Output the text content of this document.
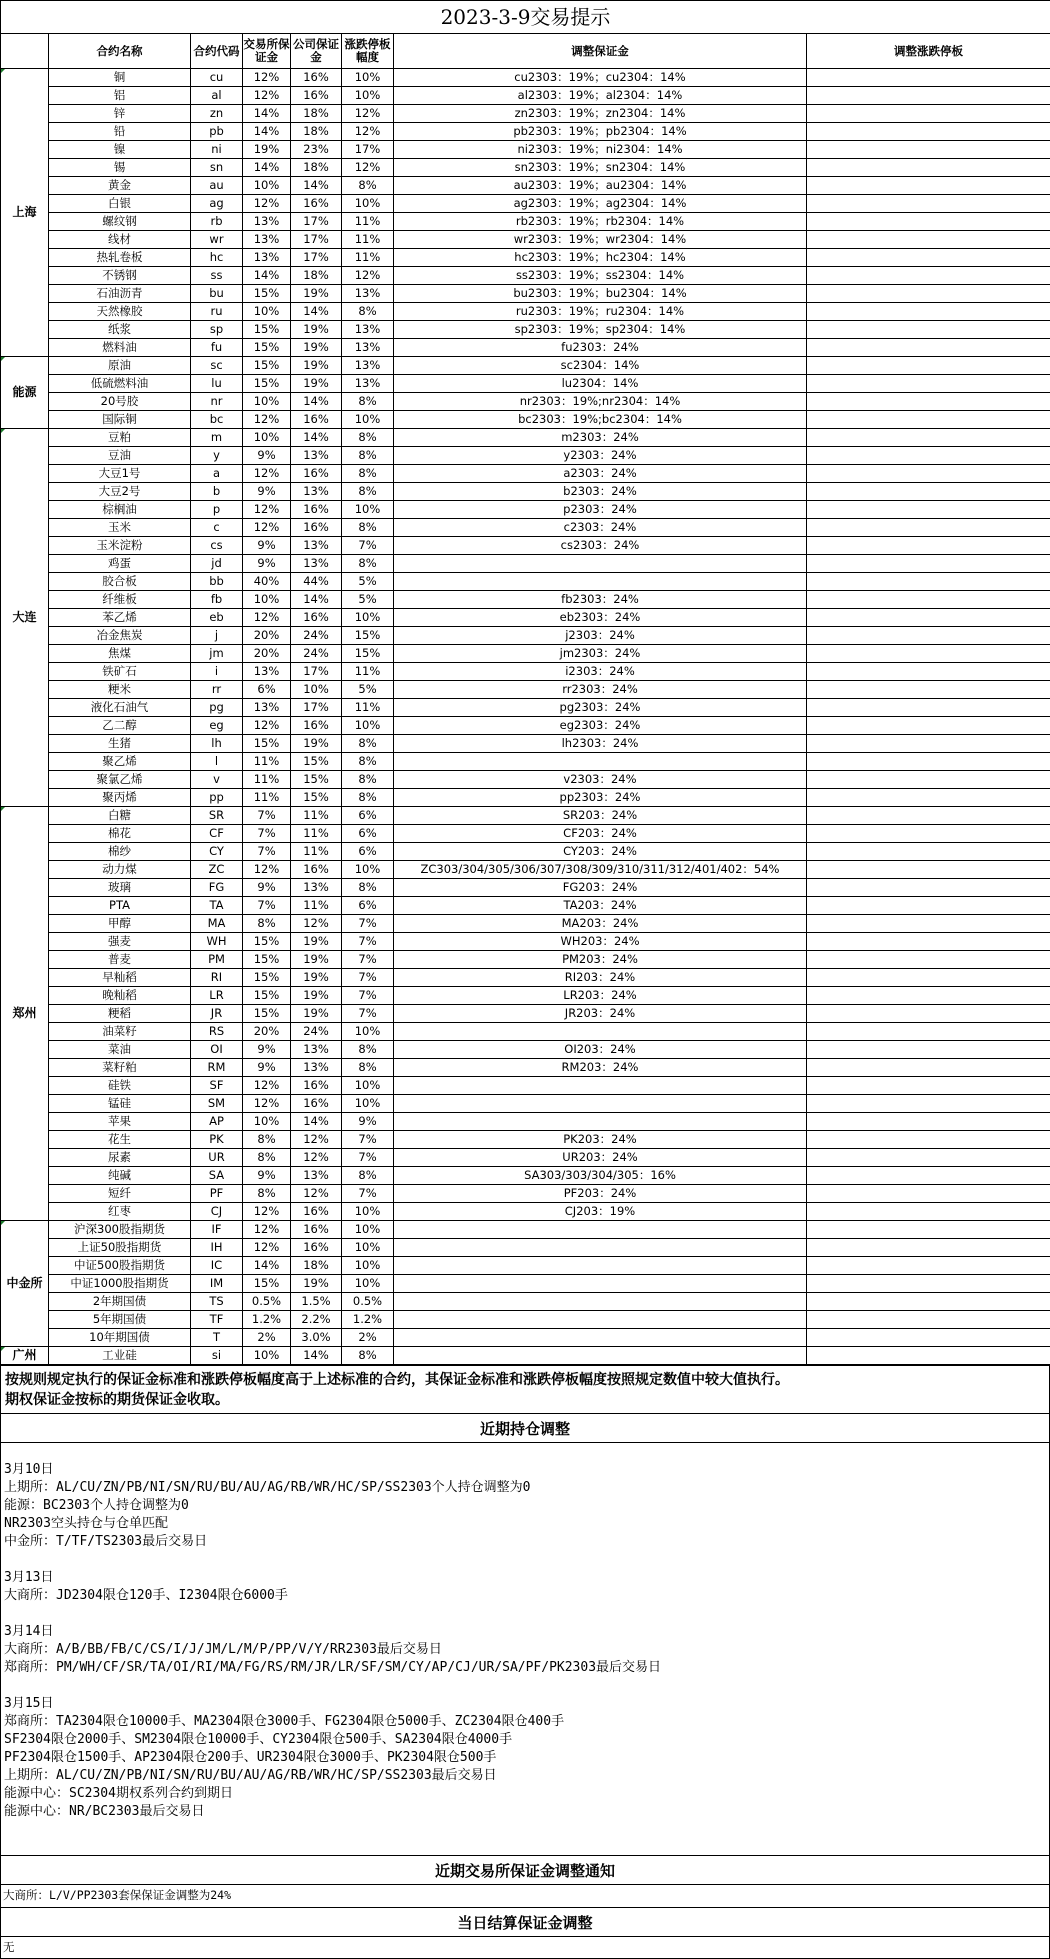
2023-3-9交易提示							
	合约名称	合约代码	交易所保证金	公司保证金	涨跌停板幅度	调整保证金	调整涨跌停板
上海	铜	cu	12%	16%	10%	cu2303：19%；cu2304：14%	
	铝	al	12%	16%	10%	al2303：19%；al2304：14%	
	锌	zn	14%	18%	12%	zn2303：19%；zn2304：14%	
	铅	pb	14%	18%	12%	pb2303：19%；pb2304：14%	
	镍	ni	19%	23%	17%	ni2303：19%；ni2304：14%	
	锡	sn	14%	18%	12%	sn2303：19%；sn2304：14%	
	黄金	au	10%	14%	8%	au2303：19%；au2304：14%	
	白银	ag	12%	16%	10%	ag2303：19%；ag2304：14%	
	螺纹钢	rb	13%	17%	11%	rb2303：19%；rb2304：14%	
	线材	wr	13%	17%	11%	wr2303：19%；wr2304：14%	
	热轧卷板	hc	13%	17%	11%	hc2303：19%；hc2304：14%	
	不锈钢	ss	14%	18%	12%	ss2303：19%；ss2304：14%	
	石油沥青	bu	15%	19%	13%	bu2303：19%；bu2304：14%	
	天然橡胶	ru	10%	14%	8%	ru2303：19%；ru2304：14%	
	纸浆	sp	15%	19%	13%	sp2303：19%；sp2304：14%	
	燃料油	fu	15%	19%	13%	fu2303：24%	
能源	原油	sc	15%	19%	13%	sc2304：14%	
	低硫燃料油	lu	15%	19%	13%	lu2304：14%	
	20号胶	nr	10%	14%	8%	nr2303：19%;nr2304：14%	
	国际铜	bc	12%	16%	10%	bc2303：19%;bc2304：14%	
大连	豆粕	m	10%	14%	8%	m2303：24%	
	豆油	y	9%	13%	8%	y2303：24%	
	大豆1号	a	12%	16%	8%	a2303：24%	
	大豆2号	b	9%	13%	8%	b2303：24%	
	棕榈油	p	12%	16%	10%	p2303：24%	
	玉米	c	12%	16%	8%	c2303：24%	
	玉米淀粉	cs	9%	13%	7%	cs2303：24%	
	鸡蛋	jd	9%	13%	8%		
	胶合板	bb	40%	44%	5%		
	纤维板	fb	10%	14%	5%	fb2303：24%	
	苯乙烯	eb	12%	16%	10%	eb2303：24%	
	冶金焦炭	j	20%	24%	15%	j2303：24%	
	焦煤	jm	20%	24%	15%	jm2303：24%	
	铁矿石	i	13%	17%	11%	i2303：24%	
	粳米	rr	6%	10%	5%	rr2303：24%	
	液化石油气	pg	13%	17%	11%	pg2303：24%	
	乙二醇	eg	12%	16%	10%	eg2303：24%	
	生猪	lh	15%	19%	8%	lh2303：24%	
	聚乙烯	l	11%	15%	8%		
	聚氯乙烯	v	11%	15%	8%	v2303：24%	
	聚丙烯	pp	11%	15%	8%	pp2303：24%	
郑州	白糖	SR	7%	11%	6%	SR203：24%	
	棉花	CF	7%	11%	6%	CF203：24%	
	棉纱	CY	7%	11%	6%	CY203：24%	
	动力煤	ZC	12%	16%	10%	ZC303/304/305/306/307/308/309/310/311/312/401/402：54%	
	玻璃	FG	9%	13%	8%	FG203：24%	
	PTA	TA	7%	11%	6%	TA203：24%	
	甲醇	MA	8%	12%	7%	MA203：24%	
	强麦	WH	15%	19%	7%	WH203：24%	
	普麦	PM	15%	19%	7%	PM203：24%	
	早籼稻	RI	15%	19%	7%	RI203：24%	
	晚籼稻	LR	15%	19%	7%	LR203：24%	
	粳稻	JR	15%	19%	7%	JR203：24%	
	油菜籽	RS	20%	24%	10%		
	菜油	OI	9%	13%	8%	OI203：24%	
	菜籽粕	RM	9%	13%	8%	RM203：24%	
	硅铁	SF	12%	16%	10%		
	锰硅	SM	12%	16%	10%		
	苹果	AP	10%	14%	9%		
	花生	PK	8%	12%	7%	PK203：24%	
	尿素	UR	8%	12%	7%	UR203：24%	
	纯碱	SA	9%	13%	8%	SA303/303/304/305：16%	
	短纤	PF	8%	12%	7%	PF203：24%	
	红枣	CJ	12%	16%	10%	CJ203：19%	
中金所	沪深300股指期货	IF	12%	16%	10%		
	上证50股指期货	IH	12%	16%	10%		
	中证500股指期货	IC	14%	18%	10%		
	中证1000股指期货	IM	15%	19%	10%		
	2年期国债	TS	0.5%	1.5%	0.5%		
	5年期国债	TF	1.2%	2.2%	1.2%		
	10年期国债	T	2%	3.0%	2%		
广州	工业硅	si	10%	14%	8%		
按规则规定执行的保证金标准和涨跌停板幅度高于上述标准的合约，其保证金标准和涨跌停板幅度按照规定数值中较大值执行。
期权保证金按标的期货保证金收取。
近期持仓调整
3月10日
上期所：AL/CU/ZN/PB/NI/SN/RU/BU/AU/AG/RB/WR/HC/SP/SS2303个人持仓调整为0
能源：BC2303个人持仓调整为0
NR2303空头持仓与仓单匹配
中金所：T/TF/TS2303最后交易日
3月13日
大商所：JD2304限仓120手、I2304限仓6000手
3月14日
大商所：A/B/BB/FB/C/CS/I/J/JM/L/M/P/PP/V/Y/RR2303最后交易日
郑商所：PM/WH/CF/SR/TA/OI/RI/MA/FG/RS/RM/JR/LR/SF/SM/CY/AP/CJ/UR/SA/PF/PK2303最后交易日
3月15日
郑商所：TA2304限仓10000手、MA2304限仓3000手、FG2304限仓5000手、ZC2304限仓400手
SF2304限仓2000手、SM2304限仓10000手、CY2304限仓500手、SA2304限仓4000手
PF2304限仓1500手、AP2304限仓200手、UR2304限仓3000手、PK2304限仓500手
上期所：AL/CU/ZN/PB/NI/SN/RU/BU/AU/AG/RB/WR/HC/SP/SS2303最后交易日
能源中心：SC2304期权系列合约到期日
能源中心：NR/BC2303最后交易日
近期交易所保证金调整通知
大商所：L/V/PP2303套保保证金调整为24%
当日结算保证金调整
无
